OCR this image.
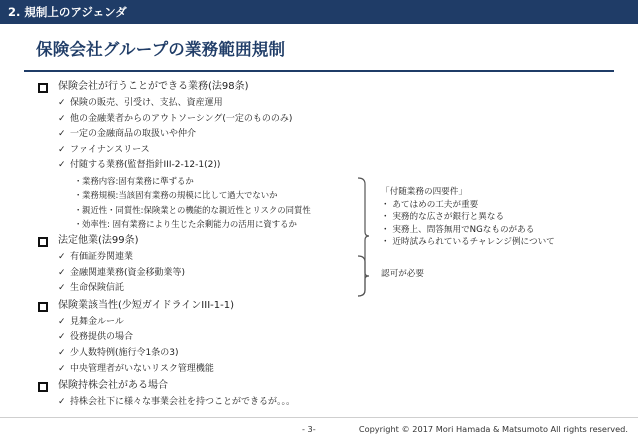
2. 規制上のアジェンダ
保険会社グループの業務範囲規制
保険会社が行うことができる業務(法98条)
✓ 保険の販売、引受け、支払、資産運用
✓ 他の金融業者からのアウトソーシング(一定のもののみ)
✓ 一定の金融商品の取扱いや仲介
✓ ファイナンスリース
✓ 付随する業務(監督指針III-2-12-1(2))
・ 業務内容:固有業務に準ずるか
・ 業務規模:当該固有業務の規模に比して過大でないか
・ 親近性・同質性:保険業との機能的な親近性とリスクの同質性
・ 効率性: 固有業務により生じた余剰能力の活用に資するか
法定他業(法99条)
✓ 有価証券関連業
✓ 金融関連業務(資金移動業等)
✓ 生命保険信託
保険業該当性(少短ガイドラインIII-1-1)
✓ 見舞金ルール
✓ 役務提供の場合
✓ 少人数特例(施行令1条の3)
✓ 中央管理者がいないリスク管理機能
保険持株会社がある場合
✓ 持株会社下に様々な事業会社を持つことができるが。。。
「付随業務の四要件」
・ あてはめの工夫が重要
・ 実務的な広さが銀行と異なる
・ 実務上、問答無用でNGなものがある
・ 近時試みられているチャレンジ例について
認可が必要
- 3-	Copyright © 2017 Mori Hamada & Matsumoto All rights reserved.
